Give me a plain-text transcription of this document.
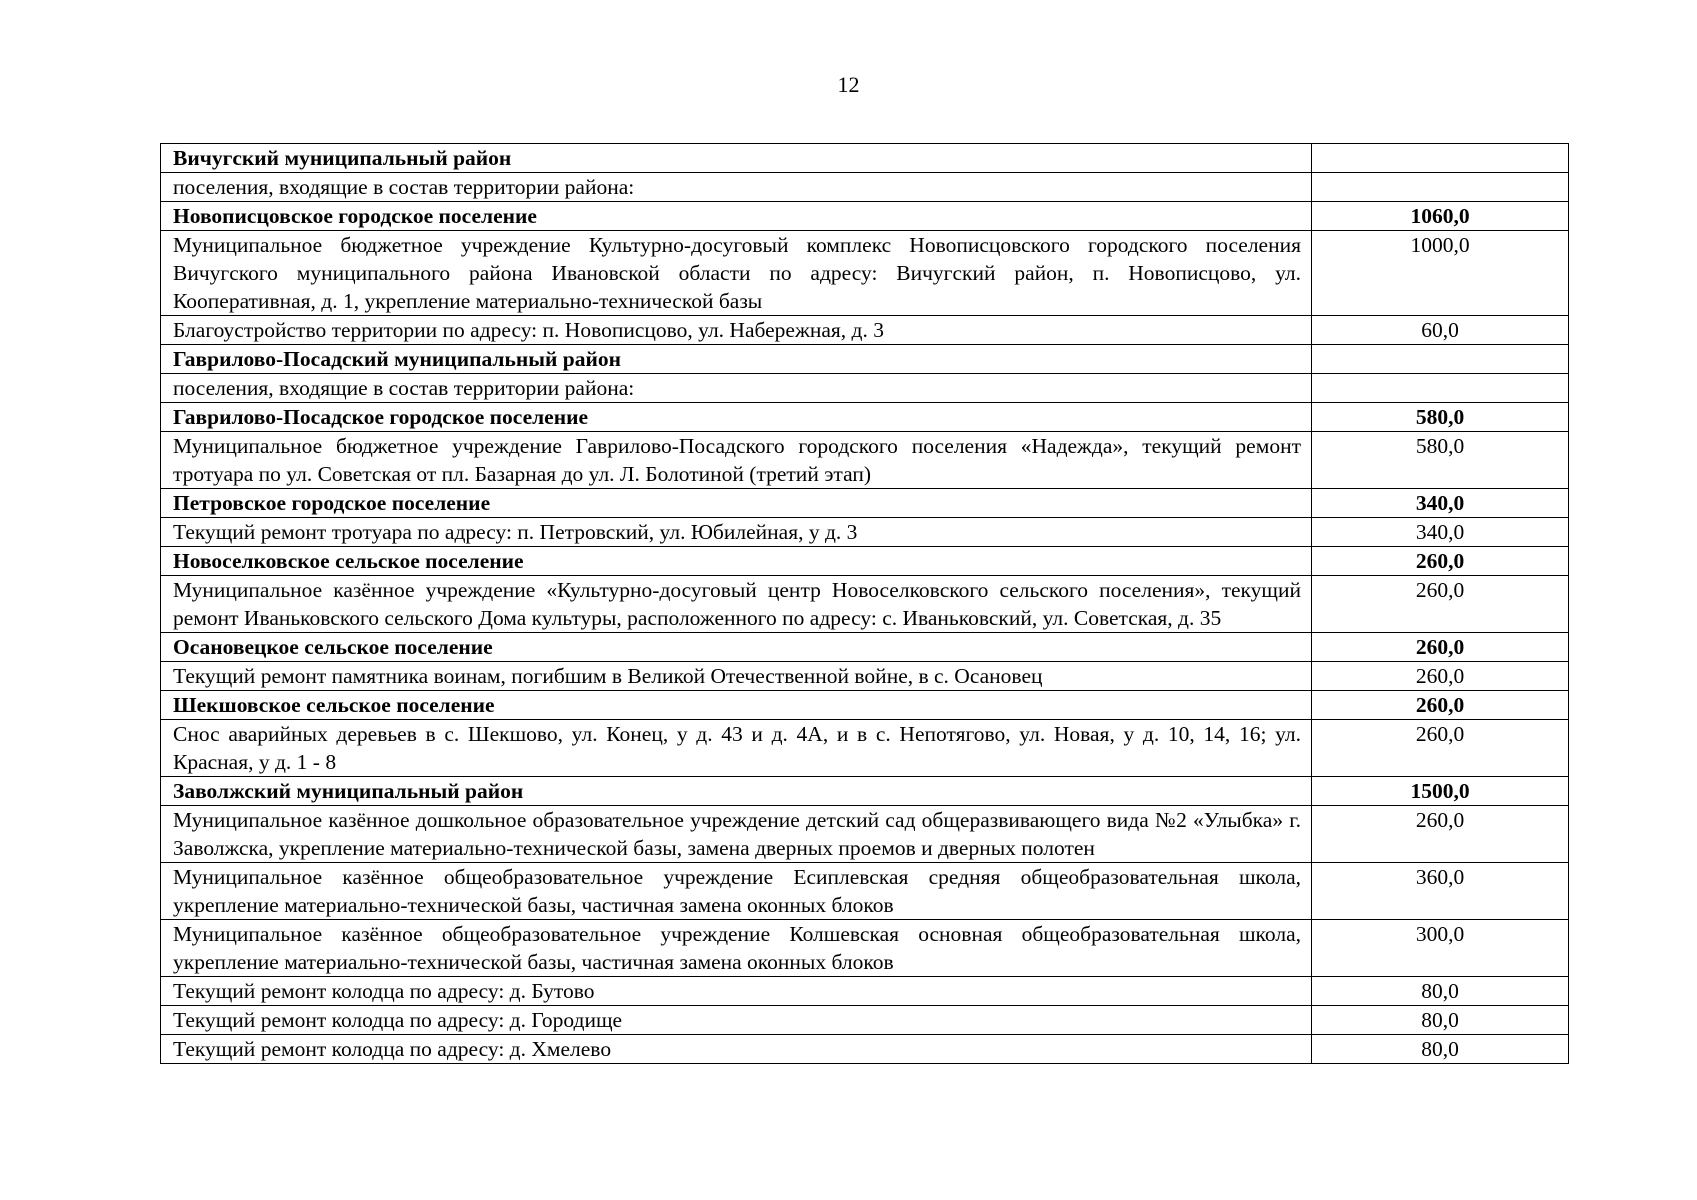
12
Вичугский муниципальный район	
поселения, входящие в состав территории района:	
Новописцовское городское поселение	1060,0
Муниципальное бюджетное учреждение Культурно-досуговый комплекс Новописцовского городского поселения Вичугского муниципального района Ивановской области по адресу: Вичугский район, п. Новописцово, ул. Кооперативная, д. 1, укрепление материально-технической базы	1000,0
Благоустройство территории по адресу: п. Новописцово, ул. Набережная, д. 3	60,0
Гаврилово-Посадский муниципальный район	
поселения, входящие в состав территории района:	
Гаврилово-Посадское городское поселение	580,0
Муниципальное бюджетное учреждение Гаврилово-Посадского городского поселения «Надежда», текущий ремонт тротуара по ул. Советская от пл. Базарная до ул. Л. Болотиной (третий этап)	580,0
Петровское городское поселение	340,0
Текущий ремонт тротуара по адресу: п. Петровский, ул. Юбилейная, у д. 3	340,0
Новоселковское сельское поселение	260,0
Муниципальное казённое учреждение «Культурно-досуговый центр Новоселковского сельского поселения», текущий ремонт Иваньковского сельского Дома культуры, расположенного по адресу: с. Иваньковский, ул. Советская, д. 35	260,0
Осановецкое сельское поселение	260,0
Текущий ремонт памятника воинам, погибшим в Великой Отечественной войне, в с. Осановец	260,0
Шекшовское сельское поселение	260,0
Снос аварийных деревьев в с. Шекшово, ул. Конец, у д. 43 и д. 4А, и в с. Непотягово, ул. Новая, у д. 10, 14, 16; ул. Красная, у д. 1 - 8	260,0
Заволжский муниципальный район	1500,0
Муниципальное казённое дошкольное образовательное учреждение детский сад общеразвивающего вида №2 «Улыбка» г. Заволжска, укрепление материально-технической базы, замена дверных проемов и дверных полотен	260,0
Муниципальное казённое общеобразовательное учреждение Есиплевская средняя общеобразовательная школа, укрепление материально-технической базы, частичная замена оконных блоков	360,0
Муниципальное казённое общеобразовательное учреждение Колшевская основная общеобразовательная школа, укрепление материально-технической базы, частичная замена оконных блоков	300,0
Текущий ремонт колодца по адресу: д. Бутово	80,0
Текущий ремонт колодца по адресу: д. Городище	80,0
Текущий ремонт колодца по адресу: д. Хмелево	80,0
